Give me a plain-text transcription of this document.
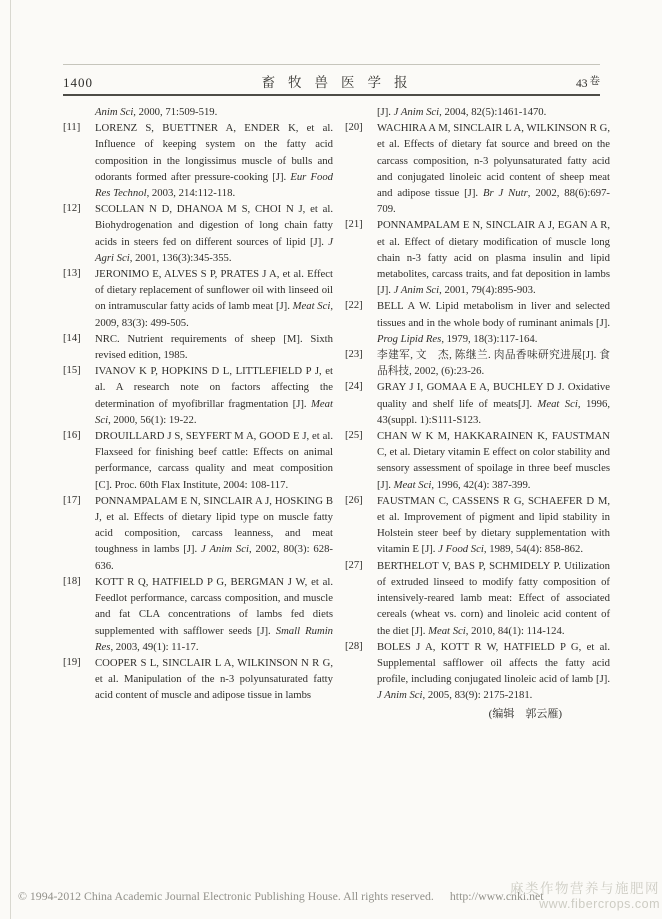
1400	畜牧兽医学报	43 卷
Anim Sci, 2000, 71:509-519.
[11]	LORENZ S, BUETTNER A, ENDER K, et al. Influence of keeping system on the fatty acid composition in the longissimus muscle of bulls and odorants formed after pressure-cooking [J]. Eur Food Res Technol, 2003, 214:112-118.
[12]	SCOLLAN N D, DHANOA M S, CHOI N J, et al. Biohydrogenation and digestion of long chain fatty acids in steers fed on different sources of lipid [J]. J Agri Sci, 2001, 136(3):345-355.
[13]	JERONIMO E, ALVES S P, PRATES J A, et al. Effect of dietary replacement of sunflower oil with linseed oil on intramuscular fatty acids of lamb meat [J]. Meat Sci, 2009, 83(3): 499-505.
[14]	NRC. Nutrient requirements of sheep [M]. Sixth revised edition, 1985.
[15]	IVANOV K P, HOPKINS D L, LITTLEFIELD P J, et al. A research note on factors affecting the determination of myofibrillar fragmentation [J]. Meat Sci, 2000, 56(1): 19-22.
[16]	DROUILLARD J S, SEYFERT M A, GOOD E J, et al. Flaxseed for finishing beef cattle: Effects on animal performance, carcass quality and meat composition [C]. Proc. 60th Flax Institute, 2004: 108-117.
[17]	PONNAMPALAM E N, SINCLAIR A J, HOSKING B J, et al. Effects of dietary lipid type on muscle fatty acid composition, carcass leanness, and meat toughness in lambs [J]. J Anim Sci, 2002, 80(3): 628-636.
[18]	KOTT R Q, HATFIELD P G, BERGMAN J W, et al. Feedlot performance, carcass composition, and muscle and fat CLA concentrations of lambs fed diets supplemented with safflower seeds [J]. Small Rumin Res, 2003, 49(1): 11-17.
[19]	COOPER S L, SINCLAIR L A, WILKINSON N R G, et al. Manipulation of the n-3 polyunsaturated fatty acid content of muscle and adipose tissue in lambs
[J]. J Anim Sci, 2004, 82(5):1461-1470.
[20]	WACHIRA A M, SINCLAIR L A, WILKINSON R G, et al. Effects of dietary fat source and breed on the carcass composition, n-3 polyunsaturated fatty acid and conjugated linoleic acid content of sheep meat and adipose tissue [J]. Br J Nutr, 2002, 88(6):697-709.
[21]	PONNAMPALAM E N, SINCLAIR A J, EGAN A R, et al. Effect of dietary modification of muscle long chain n-3 fatty acid on plasma insulin and lipid metabolites, carcass traits, and fat deposition in lambs [J]. J Anim Sci, 2001, 79(4):895-903.
[22]	BELL A W. Lipid metabolism in liver and selected tissues and in the whole body of ruminant animals [J]. Prog Lipid Res, 1979, 18(3):117-164.
[23]	李建军, 文　杰, 陈继兰. 肉品香味研究进展[J]. 食品科技, 2002, (6):23-26.
[24]	GRAY J I, GOMAA E A, BUCHLEY D J. Oxidative quality and shelf life of meats[J]. Meat Sci, 1996, 43(suppl. 1):S111-S123.
[25]	CHAN W K M, HAKKARAINEN K, FAUSTMAN C, et al. Dietary vitamin E effect on color stability and sensory assessment of spoilage in three beef muscles [J]. Meat Sci, 1996, 42(4): 387-399.
[26]	FAUSTMAN C, CASSENS R G, SCHAEFER D M, et al. Improvement of pigment and lipid stability in Holstein steer beef by dietary supplementation with vitamin E [J]. J Food Sci, 1989, 54(4): 858-862.
[27]	BERTHELOT V, BAS P, SCHMIDELY P. Utilization of extruded linseed to modify fatty composition of intensively-reared lamb meat: Effect of associated cereals (wheat vs. corn) and linoleic acid content of the diet [J]. Meat Sci, 2010, 84(1): 114-124.
[28]	BOLES J A, KOTT R W, HATFIELD P G, et al. Supplemental safflower oil affects the fatty acid profile, including conjugated linoleic acid of lamb [J]. J Anim Sci, 2005, 83(9): 2175-2181.
(编辑　郭云雁)
© 1994-2012 China Academic Journal Electronic Publishing House. All rights reserved. http://www.cnki.net
麻类作物营养与施肥网
www.fibercrops.com
